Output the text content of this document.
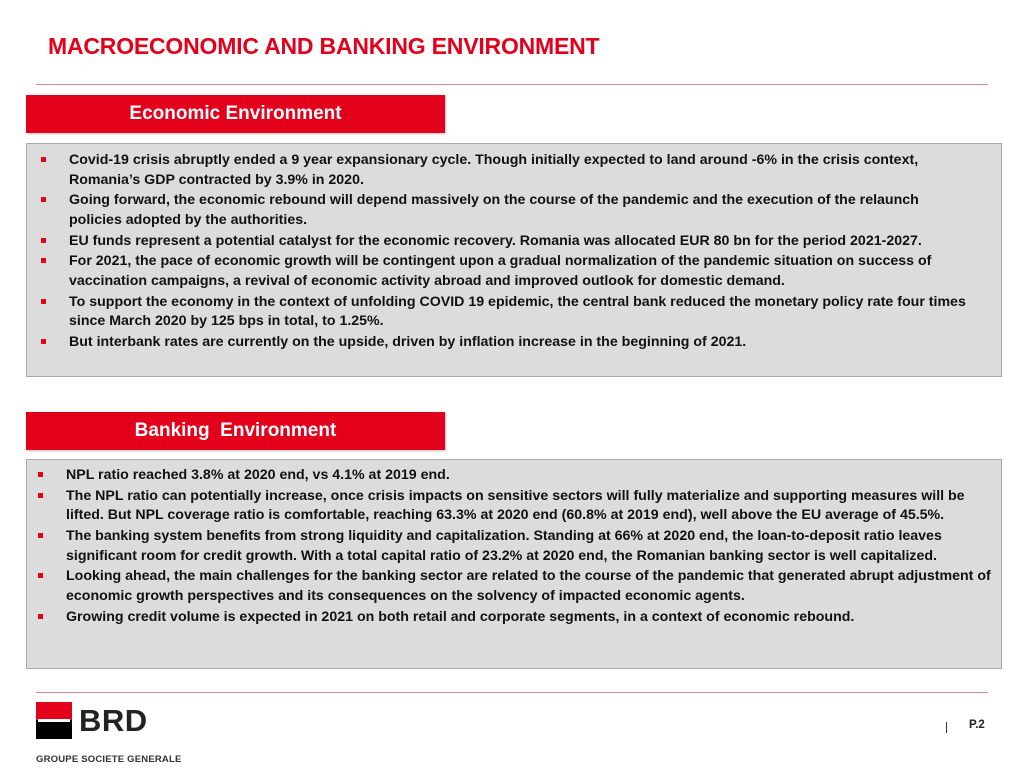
MACROECONOMIC AND BANKING ENVIRONMENT
Economic Environment
Covid-19 crisis abruptly ended a 9 year expansionary cycle. Though initially expected to land around -6% in the crisis context, Romania’s GDP contracted by 3.9% in 2020.
Going forward, the economic rebound will depend massively on the course of the pandemic and the execution of the relaunch policies adopted by the authorities.
EU funds represent a potential catalyst for the economic recovery. Romania was allocated EUR 80 bn for the period 2021-2027.
For 2021, the pace of economic growth will be contingent upon a gradual normalization of the pandemic situation on success of vaccination campaigns, a revival of economic activity abroad and improved outlook for domestic demand.
To support the economy in the context of unfolding COVID 19 epidemic, the central bank reduced the monetary policy rate four times since March 2020 by 125 bps in total, to 1.25%.
But interbank rates are currently on the upside, driven by inflation increase in the beginning of 2021.
Banking  Environment
NPL ratio reached 3.8% at 2020 end, vs 4.1% at 2019 end.
The NPL ratio can potentially increase, once crisis impacts on sensitive sectors will fully materialize and supporting measures will be lifted. But NPL coverage ratio is comfortable, reaching 63.3% at 2020 end (60.8% at 2019 end), well above the EU average of 45.5%.
The banking system benefits from strong liquidity and capitalization. Standing at 66% at 2020 end, the loan-to-deposit ratio leaves significant room for credit growth. With a total capital ratio of 23.2% at 2020 end, the Romanian banking sector is well capitalized.
Looking ahead, the main challenges for the banking sector are related to the course of the pandemic that generated abrupt adjustment of economic growth perspectives and its consequences on the solvency of impacted economic agents.
Growing credit volume is expected in 2021 on both retail and corporate segments, in a context of economic rebound.
BRD
GROUPE SOCIETE GENERALE
P.2
